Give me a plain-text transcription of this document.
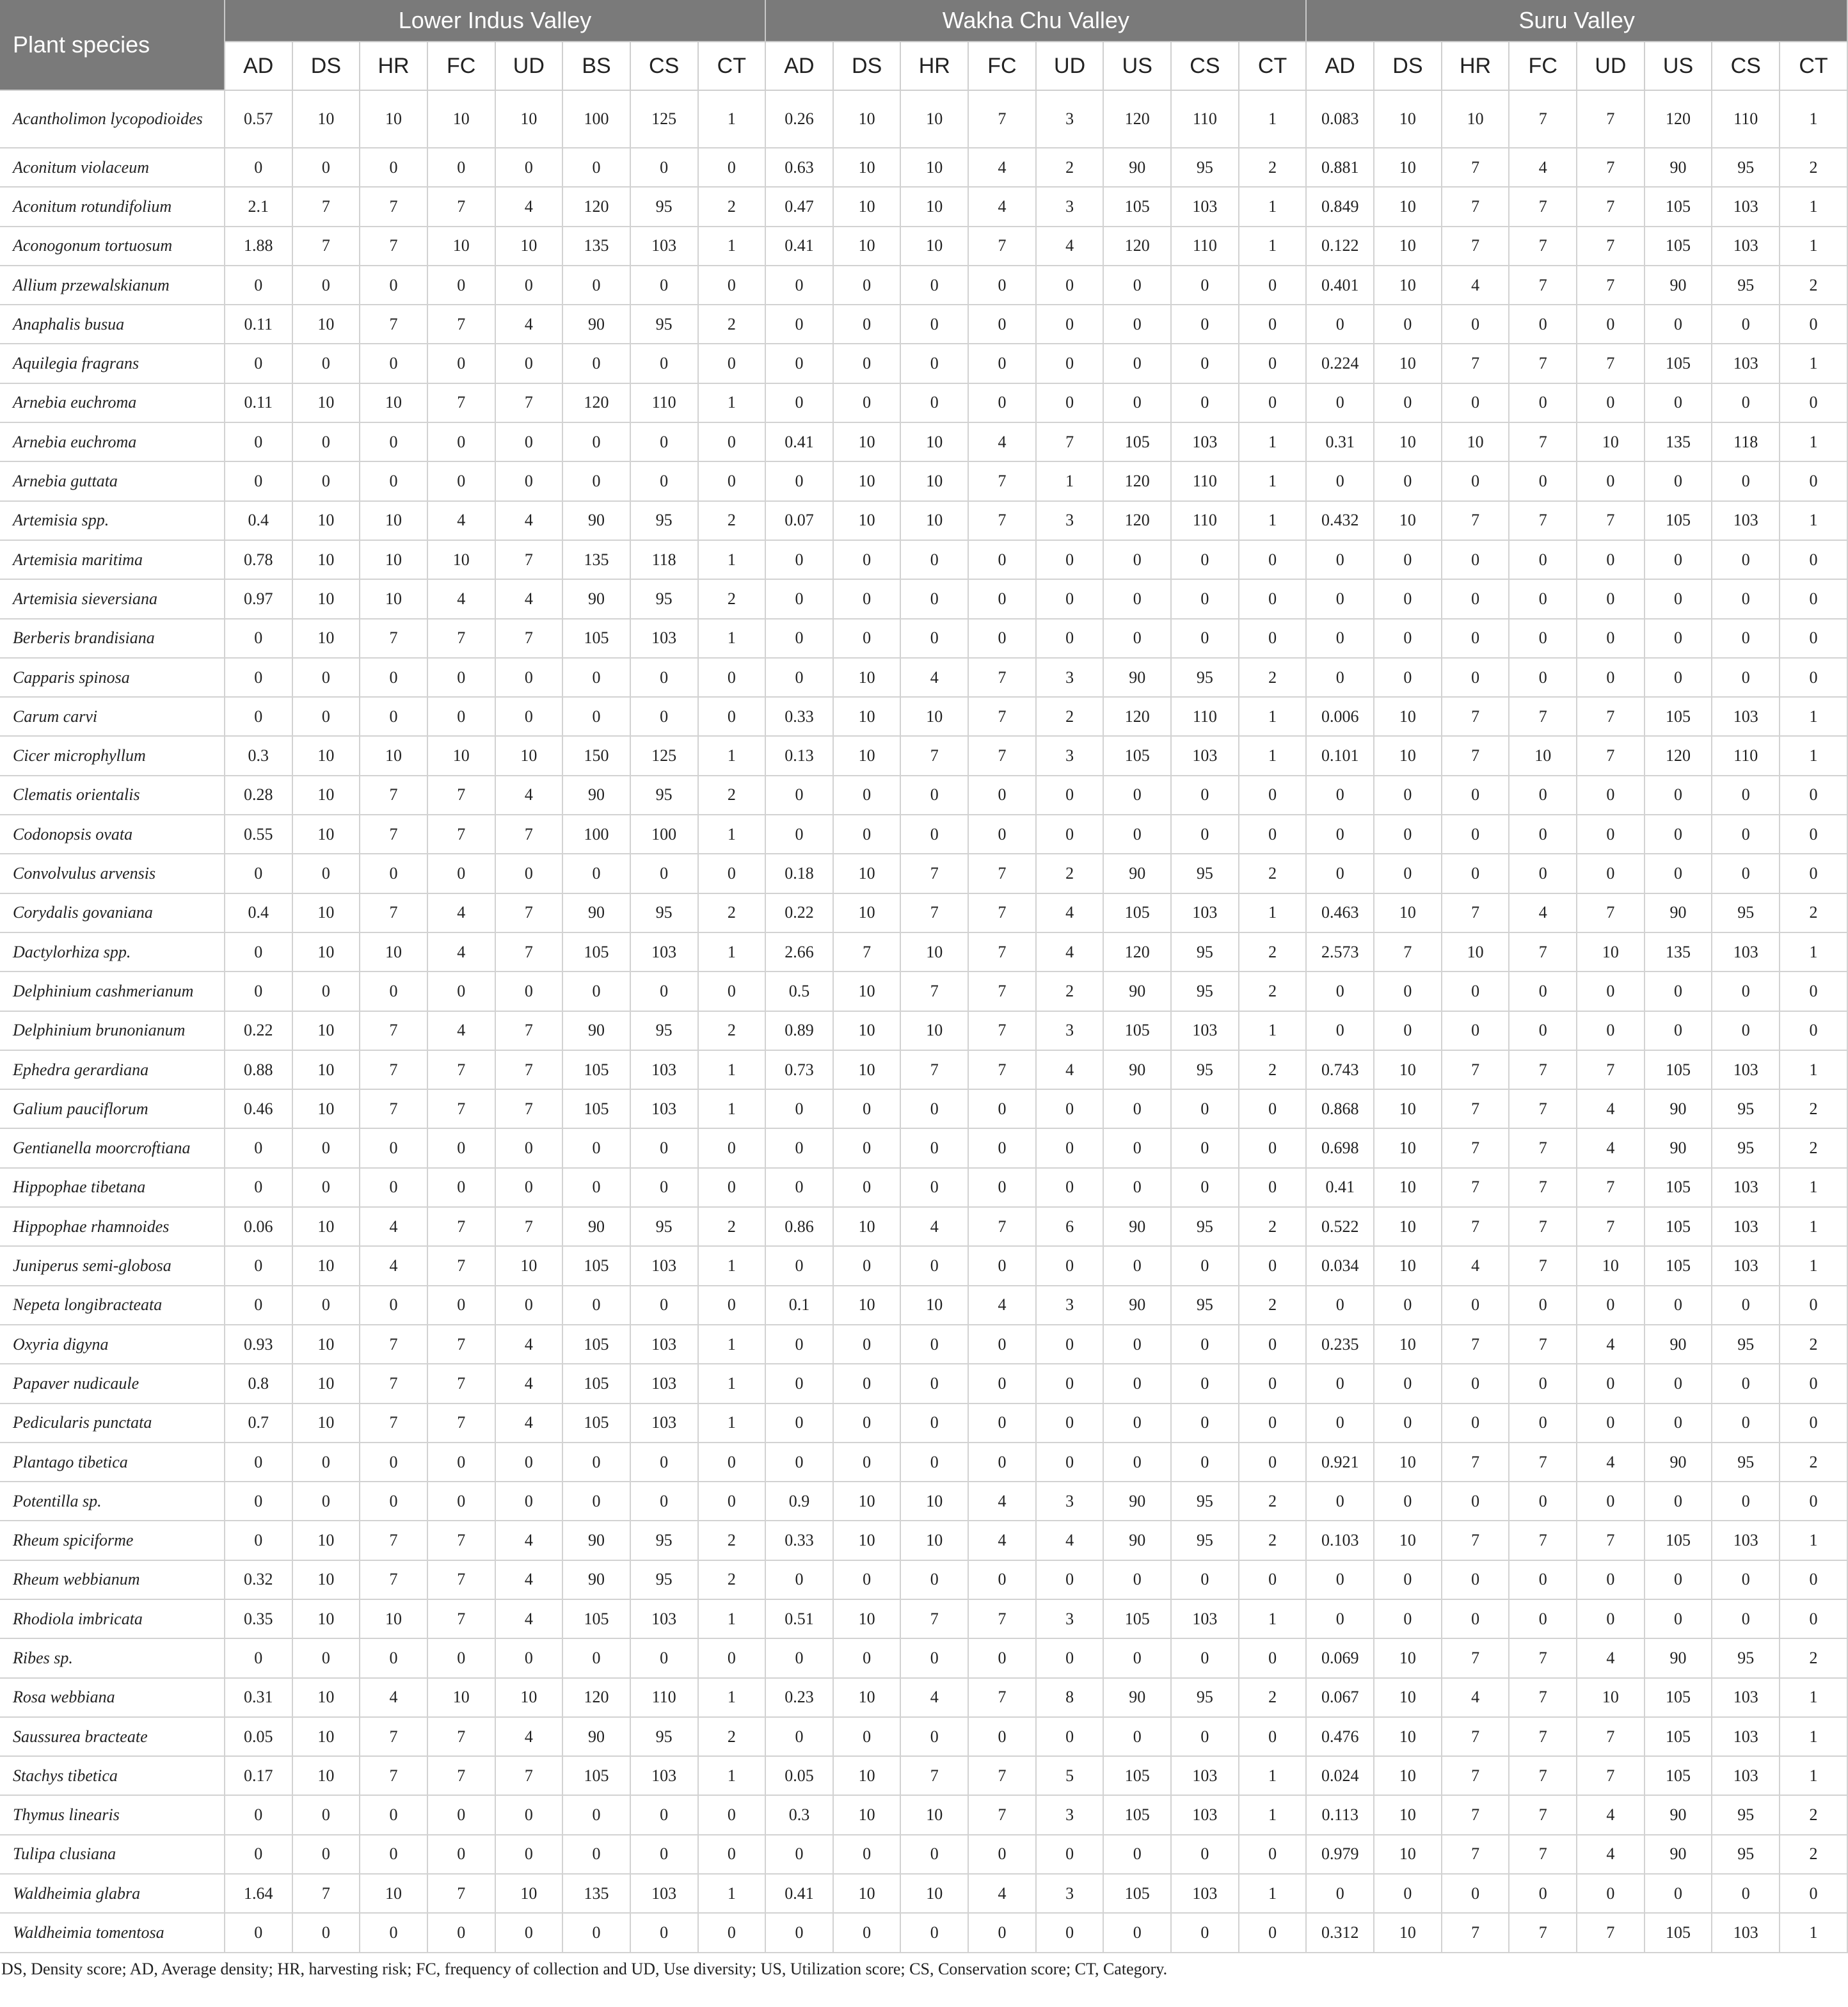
Plant species	Lower Indus Valley								Wakha Chu Valley								Suru Valley							
	AD	DS	HR	FC	UD	BS	CS	CT	AD	DS	HR	FC	UD	US	CS	CT	AD	DS	HR	FC	UD	US	CS	CT
Acantholimon lycopodioides	0.57	10	10	10	10	100	125	1	0.26	10	10	7	3	120	110	1	0.083	10	10	7	7	120	110	1
Aconitum violaceum	0	0	0	0	0	0	0	0	0.63	10	10	4	2	90	95	2	0.881	10	7	4	7	90	95	2
Aconitum rotundifolium	2.1	7	7	7	4	120	95	2	0.47	10	10	4	3	105	103	1	0.849	10	7	7	7	105	103	1
Aconogonum tortuosum	1.88	7	7	10	10	135	103	1	0.41	10	10	7	4	120	110	1	0.122	10	7	7	7	105	103	1
Allium przewalskianum	0	0	0	0	0	0	0	0	0	0	0	0	0	0	0	0	0.401	10	4	7	7	90	95	2
Anaphalis busua	0.11	10	7	7	4	90	95	2	0	0	0	0	0	0	0	0	0	0	0	0	0	0	0	0
Aquilegia fragrans	0	0	0	0	0	0	0	0	0	0	0	0	0	0	0	0	0.224	10	7	7	7	105	103	1
Arnebia euchroma	0.11	10	10	7	7	120	110	1	0	0	0	0	0	0	0	0	0	0	0	0	0	0	0	0
Arnebia euchroma	0	0	0	0	0	0	0	0	0.41	10	10	4	7	105	103	1	0.31	10	10	7	10	135	118	1
Arnebia guttata	0	0	0	0	0	0	0	0	0	10	10	7	1	120	110	1	0	0	0	0	0	0	0	0
Artemisia spp.	0.4	10	10	4	4	90	95	2	0.07	10	10	7	3	120	110	1	0.432	10	7	7	7	105	103	1
Artemisia maritima	0.78	10	10	10	7	135	118	1	0	0	0	0	0	0	0	0	0	0	0	0	0	0	0	0
Artemisia sieversiana	0.97	10	10	4	4	90	95	2	0	0	0	0	0	0	0	0	0	0	0	0	0	0	0	0
Berberis brandisiana	0	10	7	7	7	105	103	1	0	0	0	0	0	0	0	0	0	0	0	0	0	0	0	0
Capparis spinosa	0	0	0	0	0	0	0	0	0	10	4	7	3	90	95	2	0	0	0	0	0	0	0	0
Carum carvi	0	0	0	0	0	0	0	0	0.33	10	10	7	2	120	110	1	0.006	10	7	7	7	105	103	1
Cicer microphyllum	0.3	10	10	10	10	150	125	1	0.13	10	7	7	3	105	103	1	0.101	10	7	10	7	120	110	1
Clematis orientalis	0.28	10	7	7	4	90	95	2	0	0	0	0	0	0	0	0	0	0	0	0	0	0	0	0
Codonopsis ovata	0.55	10	7	7	7	100	100	1	0	0	0	0	0	0	0	0	0	0	0	0	0	0	0	0
Convolvulus arvensis	0	0	0	0	0	0	0	0	0.18	10	7	7	2	90	95	2	0	0	0	0	0	0	0	0
Corydalis govaniana	0.4	10	7	4	7	90	95	2	0.22	10	7	7	4	105	103	1	0.463	10	7	4	7	90	95	2
Dactylorhiza spp.	0	10	10	4	7	105	103	1	2.66	7	10	7	4	120	95	2	2.573	7	10	7	10	135	103	1
Delphinium cashmerianum	0	0	0	0	0	0	0	0	0.5	10	7	7	2	90	95	2	0	0	0	0	0	0	0	0
Delphinium brunonianum	0.22	10	7	4	7	90	95	2	0.89	10	10	7	3	105	103	1	0	0	0	0	0	0	0	0
Ephedra gerardiana	0.88	10	7	7	7	105	103	1	0.73	10	7	7	4	90	95	2	0.743	10	7	7	7	105	103	1
Galium pauciflorum	0.46	10	7	7	7	105	103	1	0	0	0	0	0	0	0	0	0.868	10	7	7	4	90	95	2
Gentianella moorcroftiana	0	0	0	0	0	0	0	0	0	0	0	0	0	0	0	0	0.698	10	7	7	4	90	95	2
Hippophae tibetana	0	0	0	0	0	0	0	0	0	0	0	0	0	0	0	0	0.41	10	7	7	7	105	103	1
Hippophae rhamnoides	0.06	10	4	7	7	90	95	2	0.86	10	4	7	6	90	95	2	0.522	10	7	7	7	105	103	1
Juniperus semi-globosa	0	10	4	7	10	105	103	1	0	0	0	0	0	0	0	0	0.034	10	4	7	10	105	103	1
Nepeta longibracteata	0	0	0	0	0	0	0	0	0.1	10	10	4	3	90	95	2	0	0	0	0	0	0	0	0
Oxyria digyna	0.93	10	7	7	4	105	103	1	0	0	0	0	0	0	0	0	0.235	10	7	7	4	90	95	2
Papaver nudicaule	0.8	10	7	7	4	105	103	1	0	0	0	0	0	0	0	0	0	0	0	0	0	0	0	0
Pedicularis punctata	0.7	10	7	7	4	105	103	1	0	0	0	0	0	0	0	0	0	0	0	0	0	0	0	0
Plantago tibetica	0	0	0	0	0	0	0	0	0	0	0	0	0	0	0	0	0.921	10	7	7	4	90	95	2
Potentilla sp.	0	0	0	0	0	0	0	0	0.9	10	10	4	3	90	95	2	0	0	0	0	0	0	0	0
Rheum spiciforme	0	10	7	7	4	90	95	2	0.33	10	10	4	4	90	95	2	0.103	10	7	7	7	105	103	1
Rheum webbianum	0.32	10	7	7	4	90	95	2	0	0	0	0	0	0	0	0	0	0	0	0	0	0	0	0
Rhodiola imbricata	0.35	10	10	7	4	105	103	1	0.51	10	7	7	3	105	103	1	0	0	0	0	0	0	0	0
Ribes sp.	0	0	0	0	0	0	0	0	0	0	0	0	0	0	0	0	0.069	10	7	7	4	90	95	2
Rosa webbiana	0.31	10	4	10	10	120	110	1	0.23	10	4	7	8	90	95	2	0.067	10	4	7	10	105	103	1
Saussurea bracteate	0.05	10	7	7	4	90	95	2	0	0	0	0	0	0	0	0	0.476	10	7	7	7	105	103	1
Stachys tibetica	0.17	10	7	7	7	105	103	1	0.05	10	7	7	5	105	103	1	0.024	10	7	7	7	105	103	1
Thymus linearis	0	0	0	0	0	0	0	0	0.3	10	10	7	3	105	103	1	0.113	10	7	7	4	90	95	2
Tulipa clusiana	0	0	0	0	0	0	0	0	0	0	0	0	0	0	0	0	0.979	10	7	7	4	90	95	2
Waldheimia glabra	1.64	7	10	7	10	135	103	1	0.41	10	10	4	3	105	103	1	0	0	0	0	0	0	0	0
Waldheimia tomentosa	0	0	0	0	0	0	0	0	0	0	0	0	0	0	0	0	0.312	10	7	7	7	105	103	1
DS, Density score; AD, Average density; HR, harvesting risk; FC, frequency of collection and UD, Use diversity; US, Utilization score; CS, Conservation score; CT, Category.																								
